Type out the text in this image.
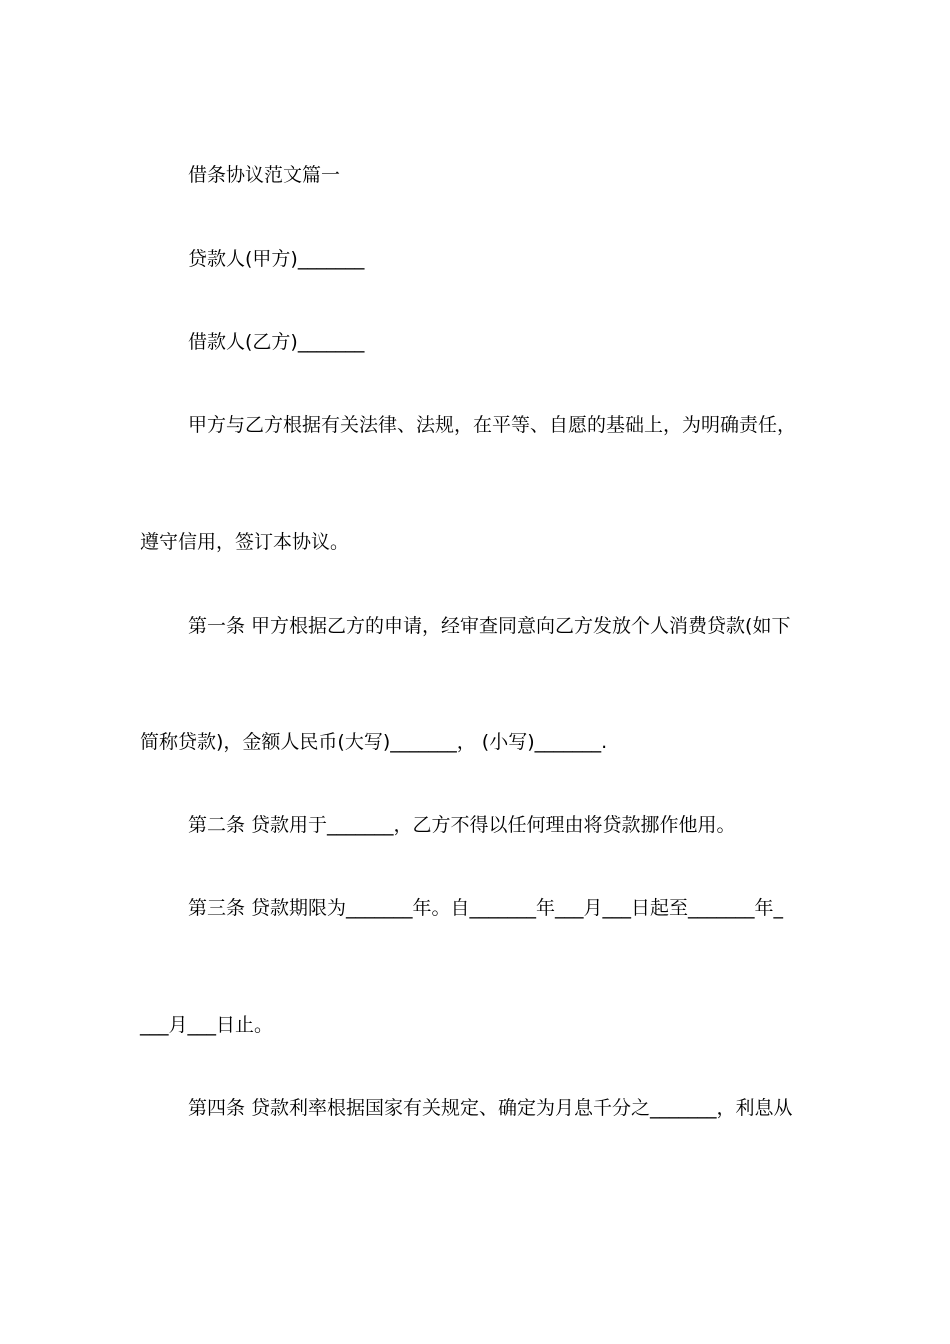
借条协议范文篇一
贷款人(甲方)_______
借款人(乙方)_______
甲方与乙方根据有关法律、法规，在平等、自愿的基础上，为明确责任，
遵守信用，签订本协议。
第一条 甲方根据乙方的申请，经审查同意向乙方发放个人消费贷款(如下
简称贷款)，金额人民币(大写)_______， (小写)_______.
第二条 贷款用于_______，乙方不得以任何理由将贷款挪作他用。
第三条 贷款期限为_______年。自_______年___月___日起至_______年_
___月___日止。
第四条 贷款利率根据国家有关规定、确定为月息千分之_______，利息从
